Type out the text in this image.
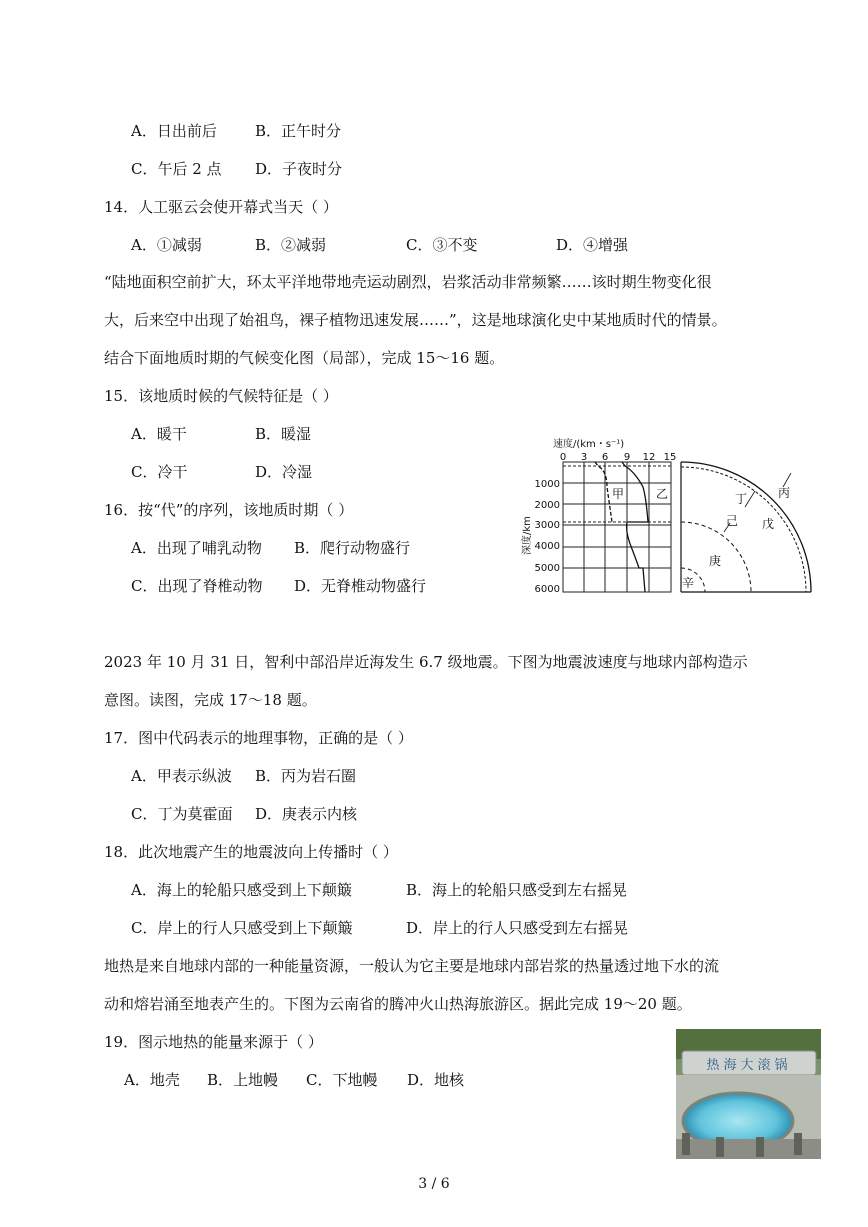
A．日出前后	B．正午时分
C．午后 2 点 D．子夜时分
14．人工驱云会使开幕式当天（ ）
A．①减弱	B．②减弱	C．③不变	D．④增强
“陆地面积空前扩大，环太平洋地带地壳运动剧烈，岩浆活动非常频繁……该时期生物变化很
大，后来空中出现了始祖鸟，裸子植物迅速发展……”，这是地球演化史中某地质时代的情景。
结合下面地质时期的气候变化图（局部），完成 15～16 题。
15．该地质时候的气候特征是（ ）
A．暖干	B．暖湿
C．冷干	D．冷湿
16．按“代”的序列，该地质时期（ ）
A．出现了哺乳动物 B．爬行动物盛行
C．出现了脊椎动物 D．无脊椎动物盛行
速度/(km・s⁻¹)
0 3 6 9 12 15
1000
2000
3000
4000
5000
6000
深度/km
甲	乙	丙
丁
己 戊
庚
辛
2023 年 10 月 31 日，智利中部沿岸近海发生 6.7 级地震。下图为地震波速度与地球内部构造示
意图。读图，完成 17～18 题。
17．图中代码表示的地理事物，正确的是（ ）
A．甲表示纵波 B．丙为岩石圈
C．丁为莫霍面 D．庚表示内核
18．此次地震产生的地震波向上传播时（ ）
A．海上的轮船只感受到上下颠簸	B．海上的轮船只感受到左右摇晃
C．岸上的行人只感受到上下颠簸	D．岸上的行人只感受到左右摇晃
地热是来自地球内部的一种能量资源，一般认为它主要是地球内部岩浆的热量透过地下水的流
动和熔岩涌至地表产生的。下图为云南省的腾冲火山热海旅游区。据此完成 19～20 题。
19．图示地热的能量来源于（ ）
A．地壳 B．上地幔 C．下地幔 D．地核
热海大滚锅
3 / 6
